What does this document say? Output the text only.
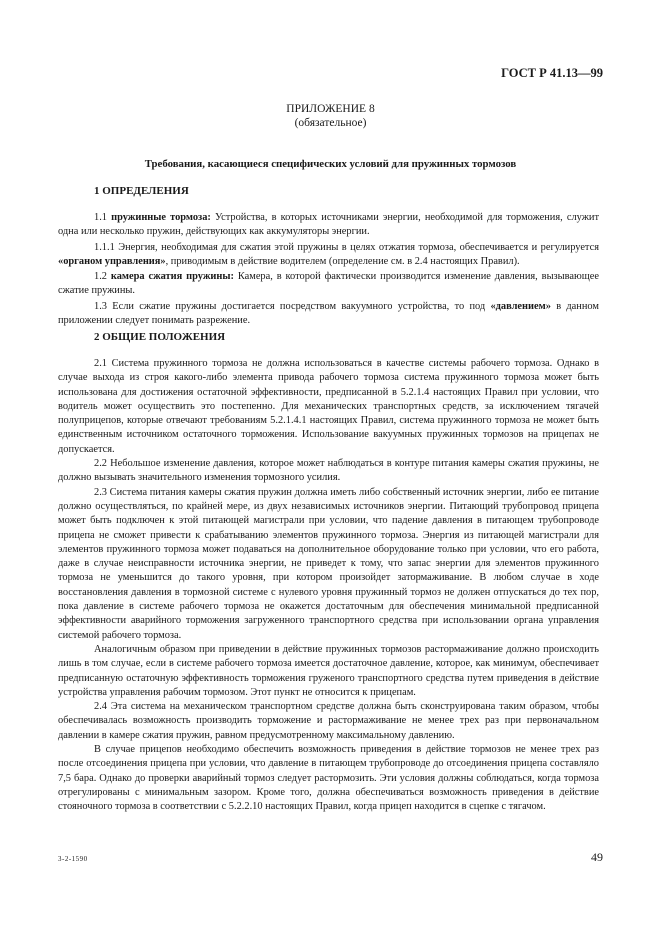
ГОСТ Р 41.13—99
ПРИЛОЖЕНИЕ 8
(обязательное)
Требования, касающиеся специфических условий для пружинных тормозов
1 ОПРЕДЕЛЕНИЯ

1.1 пружинные тормоза: Устройства, в которых источниками энергии, необходимой для торможения, служит одна или несколько пружин, действующих как аккумуляторы энергии.

1.1.1 Энергия, необходимая для сжатия этой пружины в целях отжатия тормоза, обеспечивается и регулируется «органом управления», приводимым в действие водителем (определение см. в 2.4 настоящих Правил).

1.2 камера сжатия пружины: Камера, в которой фактически производится изменение давления, вызывающее сжатие пружины.

1.3 Если сжатие пружины достигается посредством вакуумного устройства, то под «давлением» в данном приложении следует понимать разрежение.

2 ОБЩИЕ ПОЛОЖЕНИЯ

2.1 Система пружинного тормоза не должна использоваться в качестве системы рабочего тормоза. Однако в случае выхода из строя какого-либо элемента привода рабочего тормоза система пружинного тормоза может быть использована для достижения остаточной эффективности, предписанной в 5.2.1.4 настоящих Правил при условии, что водитель может осуществить это постепенно. Для механических транспортных средств, за исключением тягачей полуприцепов, которые отвечают требованиям 5.2.1.4.1 настоящих Правил, система пружинного тормоза не может быть единственным источником остаточного торможения. Использование вакуумных пружинных тормозов на прицепах не допускается.

2.2 Небольшое изменение давления, которое может наблюдаться в контуре питания камеры сжатия пружины, не должно вызывать значительного изменения тормозного усилия.

2.3 Система питания камеры сжатия пружин должна иметь либо собственный источник энергии, либо ее питание должно осуществляться, по крайней мере, из двух независимых источников энергии. Питающий трубопровод прицепа может быть подключен к этой питающей магистрали при условии, что падение давления в питающем трубопроводе прицепа не сможет привести к срабатыванию элементов пружинного тормоза. Энергия из питающей магистрали для элементов пружинного тормоза может подаваться на дополнительное оборудование только при условии, что его работа, даже в случае неисправности источника энергии, не приведет к тому, что запас энергии для элементов пружинного тормоза не уменьшится до такого уровня, при котором произойдет затормаживание. В любом случае в ходе восстановления давления в тормозной системе с нулевого уровня пружинный тормоз не должен отпускаться до тех пор, пока давление в системе рабочего тормоза не окажется достаточным для обеспечения минимальной предписанной эффективности аварийного торможения загруженного транспортного средства при использовании органа управления системой рабочего тормоза.

Аналогичным образом при приведении в действие пружинных тормозов растормаживание должно происходить лишь в том случае, если в системе рабочего тормоза имеется достаточное давление, которое, как минимум, обеспечивает предписанную остаточную эффективность торможения груженого транспортного средства путем приведения в действие устройства управления рабочим тормозом. Этот пункт не относится к прицепам.

2.4 Эта система на механическом транспортном средстве должна быть сконструирована таким образом, чтобы обеспечивалась возможность производить торможение и растормаживание не менее трех раз при первоначальном давлении в камере сжатия пружин, равном предусмотренному максимальному давлению.

В случае прицепов необходимо обеспечить возможность приведения в действие тормозов не менее трех раз после отсоединения прицепа при условии, что давление в питающем трубопроводе до отсоединения прицепа составляло 7,5 бара. Однако до проверки аварийный тормоз следует растормозить. Эти условия должны соблюдаться, когда тормоза отрегулированы с минимальным зазором. Кроме того, должна обеспечиваться возможность приведения в действие стояночного тормоза в соответствии с 5.2.2.10 настоящих Правил, когда прицеп находится в сцепке с тягачом.

3-2-1590	49
